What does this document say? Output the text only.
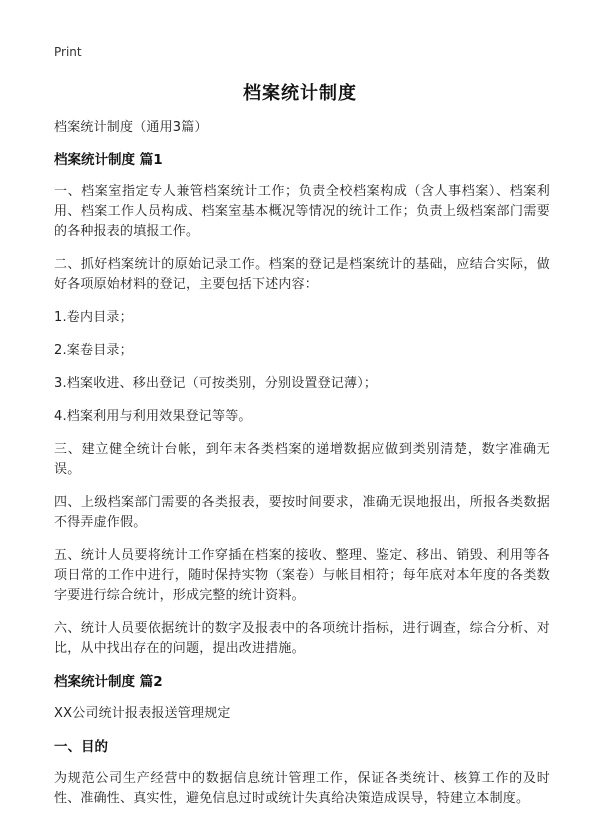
Print
档案统计制度

档案统计制度（通用3篇）

档案统计制度 篇1

一、档案室指定专人兼管档案统计工作；负责全校档案构成（含人事档案）、档案利用、档案工作人员构成、档案室基本概况等情况的统计工作；负责上级档案部门需要的各种报表的填报工作。

二、抓好档案统计的原始记录工作。档案的登记是档案统计的基础，应结合实际，做好各项原始材料的登记，主要包括下述内容：

1.卷内目录；

2.案卷目录；

3.档案收进、移出登记（可按类别，分别设置登记薄）；

4.档案利用与利用效果登记等等。

三、建立健全统计台帐，到年末各类档案的递增数据应做到类别清楚，数字准确无误。

四、上级档案部门需要的各类报表，要按时间要求，准确无误地报出，所报各类数据不得弄虚作假。

五、统计人员要将统计工作穿插在档案的接收、整理、鉴定、移出、销毁、利用等各项日常的工作中进行，随时保持实物（案卷）与帐目相符；每年底对本年度的各类数字要进行综合统计，形成完整的统计资料。

六、统计人员要依据统计的数字及报表中的各项统计指标，进行调查，综合分析、对比，从中找出存在的问题，提出改进措施。

档案统计制度 篇2

XX公司统计报表报送管理规定

一、目的

为规范公司生产经营中的数据信息统计管理工作，保证各类统计、核算工作的及时性、准确性、真实性，避免信息过时或统计失真给决策造成误导，特建立本制度。
